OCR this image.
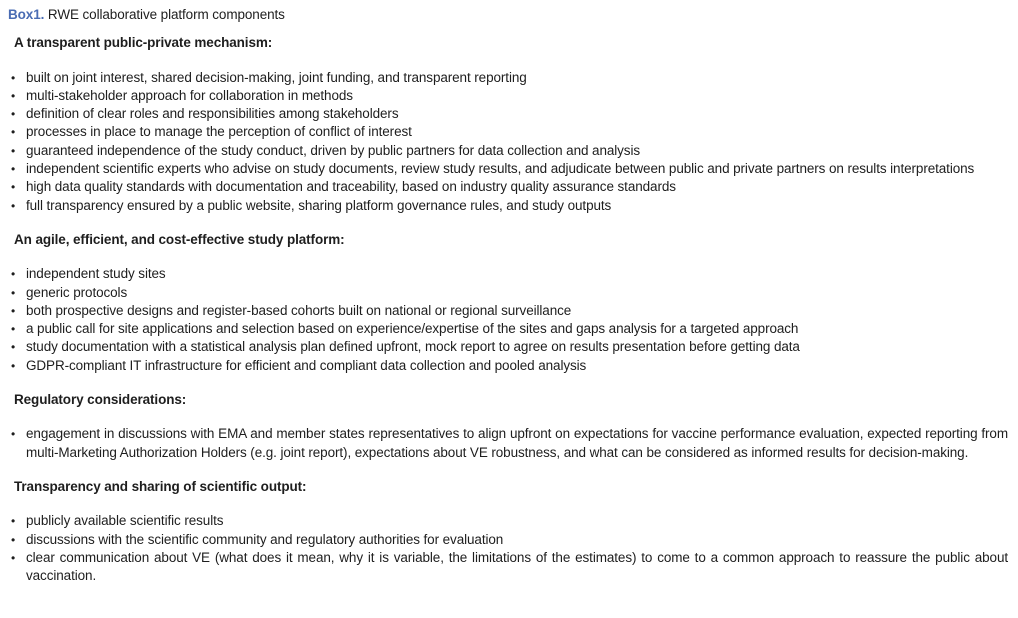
Box1. RWE collaborative platform components

A transparent public-private mechanism:
• built on joint interest, shared decision-making, joint funding, and transparent reporting
• multi-stakeholder approach for collaboration in methods
• definition of clear roles and responsibilities among stakeholders
• processes in place to manage the perception of conflict of interest
• guaranteed independence of the study conduct, driven by public partners for data collection and analysis
• independent scientific experts who advise on study documents, review study results, and adjudicate between public and private partners on results interpretations
• high data quality standards with documentation and traceability, based on industry quality assurance standards
• full transparency ensured by a public website, sharing platform governance rules, and study outputs
An agile, efficient, and cost-effective study platform:
• independent study sites
• generic protocols
• both prospective designs and register-based cohorts built on national or regional surveillance
• a public call for site applications and selection based on experience/expertise of the sites and gaps analysis for a targeted approach
• study documentation with a statistical analysis plan defined upfront, mock report to agree on results presentation before getting data
• GDPR-compliant IT infrastructure for efficient and compliant data collection and pooled analysis
Regulatory considerations:
• engagement in discussions with EMA and member states representatives to align upfront on expectations for vaccine performance evaluation, expected reporting from multi-Marketing Authorization Holders (e.g. joint report), expectations about VE robustness, and what can be considered as informed results for decision-making.
Transparency and sharing of scientific output:
• publicly available scientific results
• discussions with the scientific community and regulatory authorities for evaluation
• clear communication about VE (what does it mean, why it is variable, the limitations of the estimates) to come to a common approach to reassure the public about vaccination.
